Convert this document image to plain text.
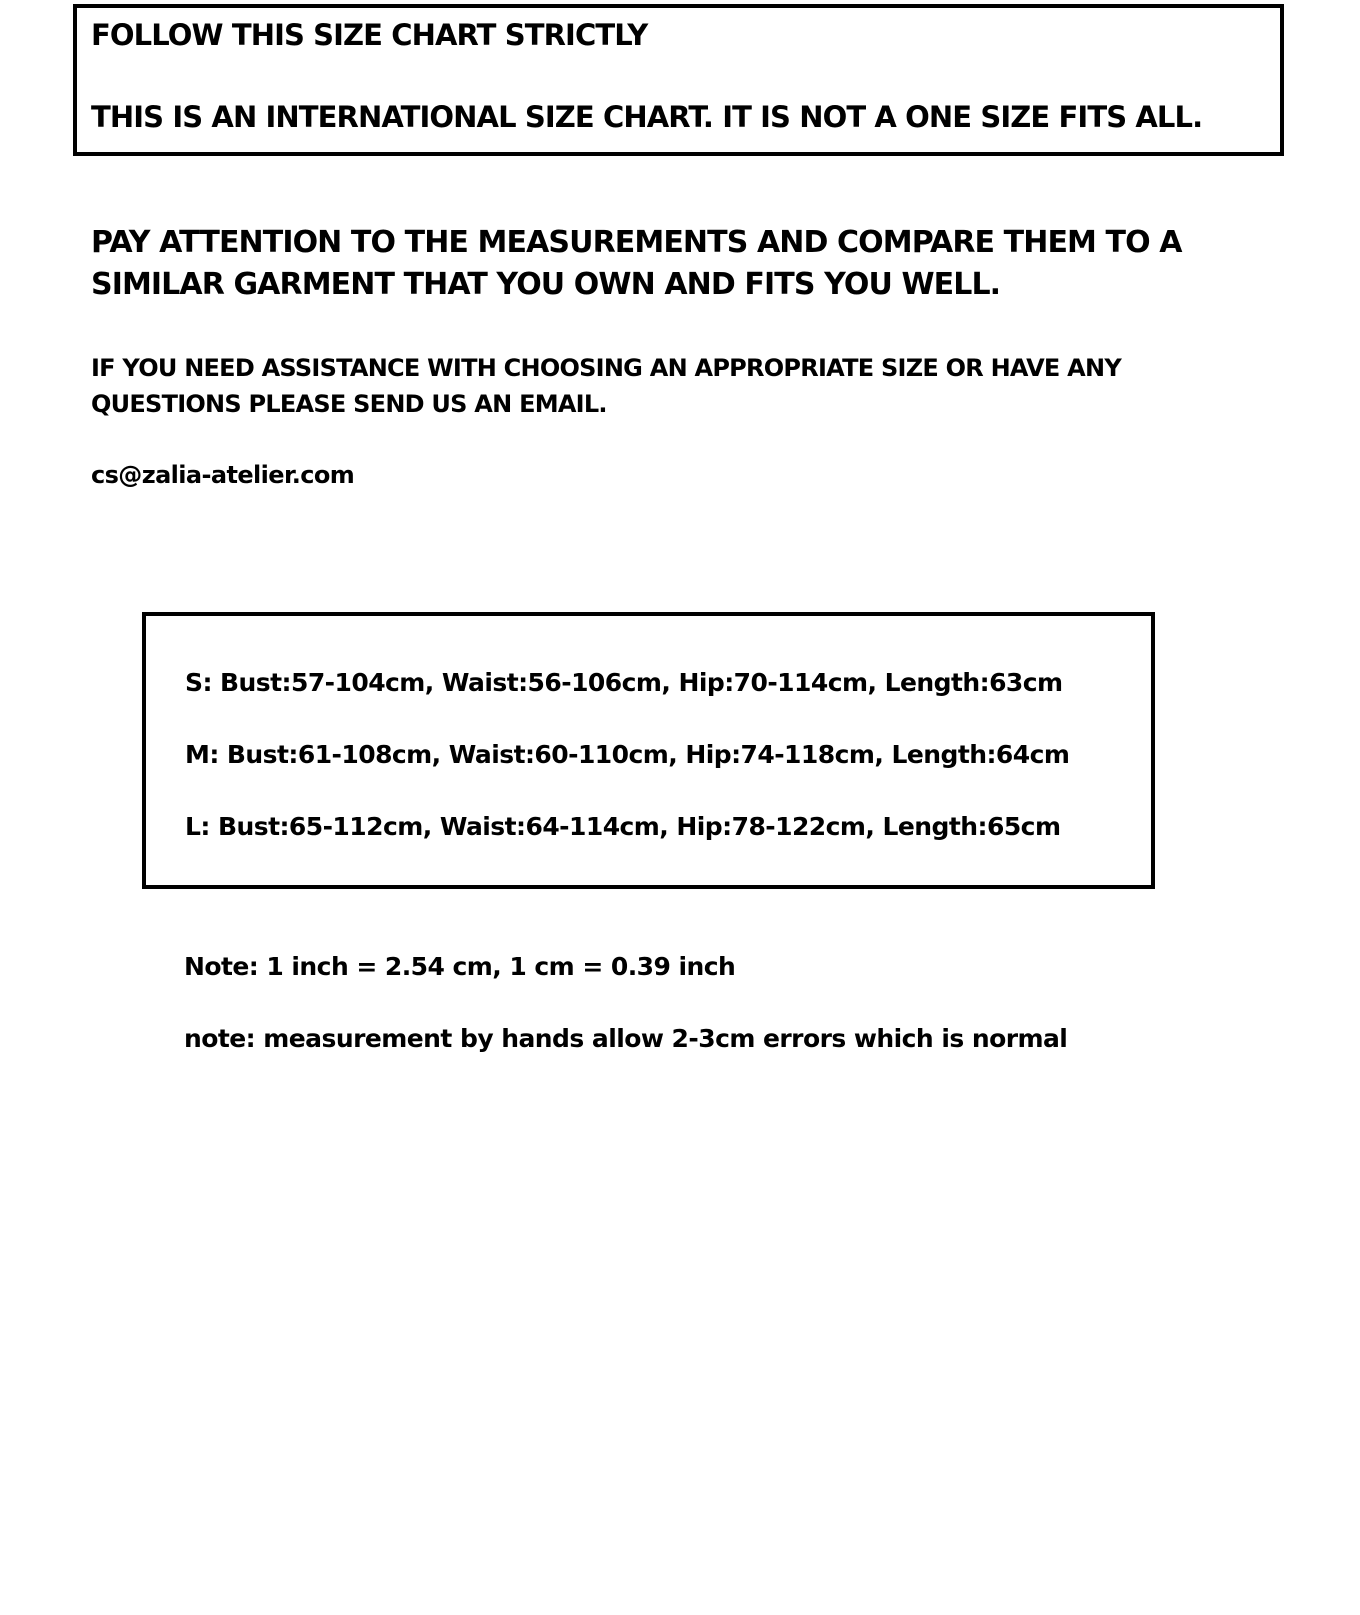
FOLLOW THIS SIZE CHART STRICTLY

THIS IS AN INTERNATIONAL SIZE CHART. IT IS NOT A ONE SIZE FITS ALL.

PAY ATTENTION TO THE MEASUREMENTS AND COMPARE THEM TO A
SIMILAR GARMENT THAT YOU OWN AND FITS YOU WELL.

IF YOU NEED ASSISTANCE WITH CHOOSING AN APPROPRIATE SIZE OR HAVE ANY
QUESTIONS PLEASE SEND US AN EMAIL.

cs@zalia-atelier.com

S: Bust:57-104cm, Waist:56-106cm, Hip:70-114cm, Length:63cm

M: Bust:61-108cm, Waist:60-110cm, Hip:74-118cm, Length:64cm

L: Bust:65-112cm, Waist:64-114cm, Hip:78-122cm, Length:65cm

Note: 1 inch = 2.54 cm, 1 cm = 0.39 inch

note: measurement by hands allow 2-3cm errors which is normal
